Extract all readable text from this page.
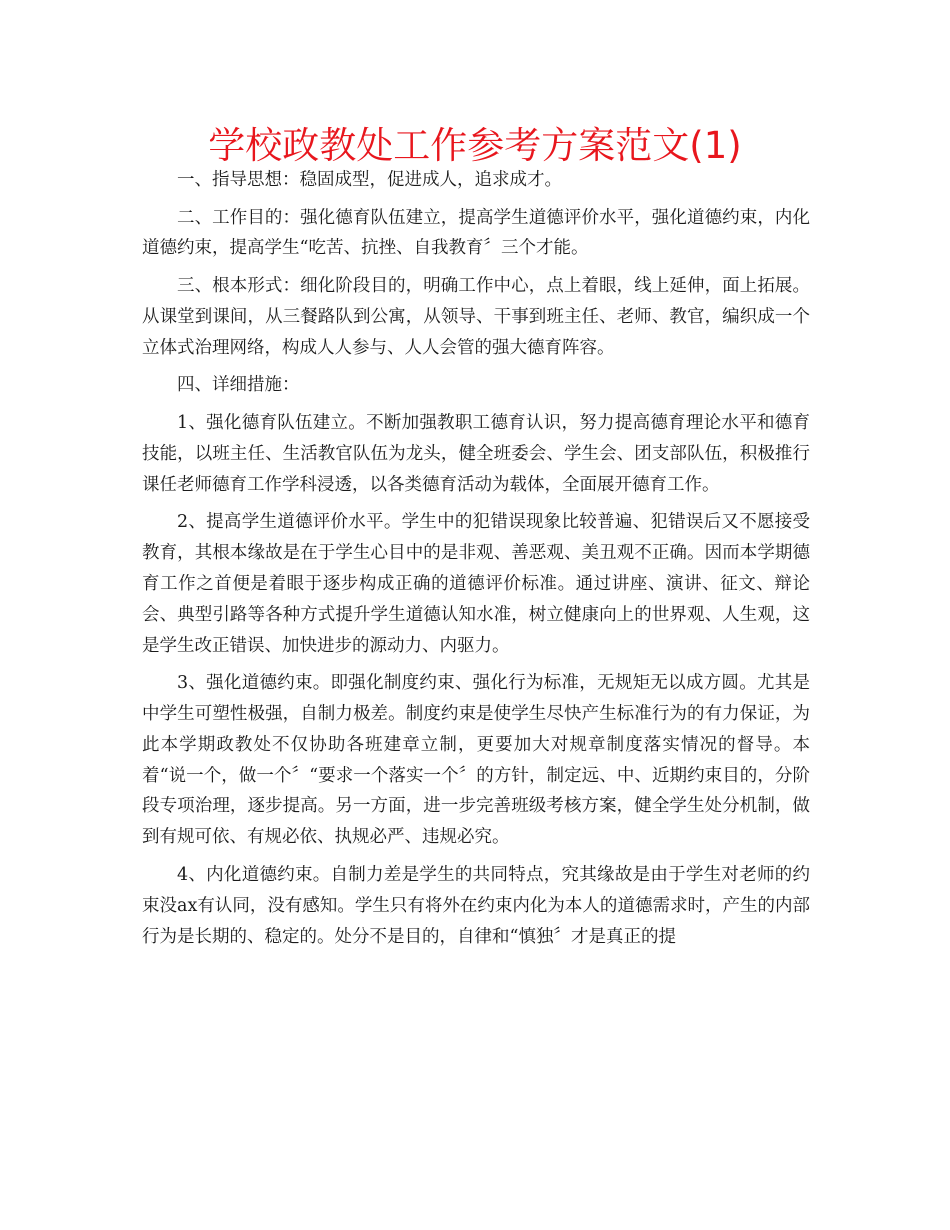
学校政教处工作参考方案范文(1)

一、指导思想：稳固成型，促进成人，追求成才。

二、工作目的：强化德育队伍建立，提高学生道德评价水平，强化道德约束，内化道德约束，提高学生“吃苦、抗挫、自我教育〞三个才能。

三、根本形式：细化阶段目的，明确工作中心，点上着眼，线上延伸，面上拓展。从课堂到课间，从三餐路队到公寓，从领导、干事到班主任、老师、教官，编织成一个立体式治理网络，构成人人参与、人人会管的强大德育阵容。

四、详细措施：

1、强化德育队伍建立。不断加强教职工德育认识，努力提高德育理论水平和德育技能，以班主任、生活教官队伍为龙头，健全班委会、学生会、团支部队伍，积极推行课任老师德育工作学科浸透，以各类德育活动为载体，全面展开德育工作。

2、提高学生道德评价水平。学生中的犯错误现象比较普遍、犯错误后又不愿接受教育，其根本缘故是在于学生心目中的是非观、善恶观、美丑观不正确。因而本学期德育工作之首便是着眼于逐步构成正确的道德评价标准。通过讲座、演讲、征文、辩论会、典型引路等各种方式提升学生道德认知水准，树立健康向上的世界观、人生观，这是学生改正错误、加快进步的源动力、内驱力。

3、强化道德约束。即强化制度约束、强化行为标准，无规矩无以成方圆。尤其是中学生可塑性极强，自制力极差。制度约束是使学生尽快产生标准行为的有力保证，为此本学期政教处不仅协助各班建章立制，更要加大对规章制度落实情况的督导。本着“说一个，做一个〞“要求一个落实一个〞的方针，制定远、中、近期约束目的，分阶段专项治理，逐步提高。另一方面，进一步完善班级考核方案，健全学生处分机制，做到有规可依、有规必依、执规必严、违规必究。

4、内化道德约束。自制力差是学生的共同特点，究其缘故是由于学生对老师的约束没ax有认同，没有感知。学生只有将外在约束内化为本人的道德需求时，产生的内部行为是长期的、稳定的。处分不是目的，自律和“慎独〞才是真正的提
